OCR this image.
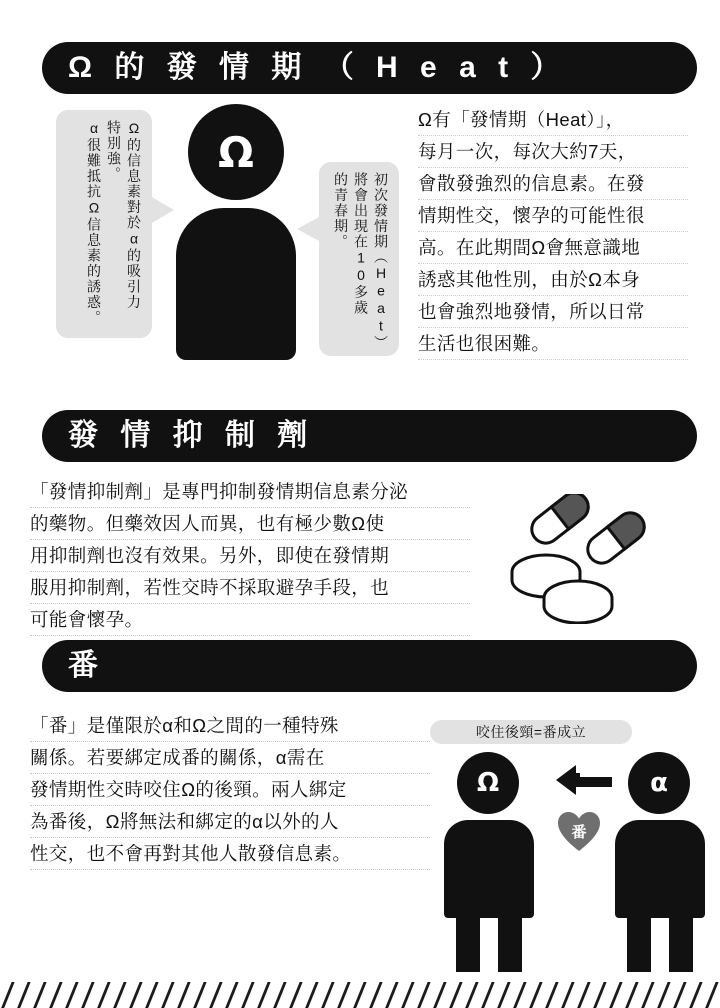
Ω 的 發 情 期 （ H e a t ）
Ω的信息素對於α的吸引力
特別強。
α很難抵抗Ω信息素的誘惑。	Ω
初次發情期（Heat）
將會出現在10多歲
的青春期。
Ω有「發情期（Heat）」，
每月一次，每次大約7天，
會散發強烈的信息素。在發
情期性交，懷孕的可能性很
高。在此期間Ω會無意識地
誘惑其他性別，由於Ω本身
也會強烈地發情，所以日常
生活也很困難。
發 情 抑 制 劑
「發情抑制劑」是專門抑制發情期信息素分泌
的藥物。但藥效因人而異，也有極少數Ω使
用抑制劑也沒有效果。另外，即使在發情期
服用抑制劑，若性交時不採取避孕手段，也
可能會懷孕。
番
「番」是僅限於α和Ω之間的一種特殊
關係。若要綁定成番的關係，α需在
發情期性交時咬住Ω的後頸。兩人綁定
為番後，Ω將無法和綁定的α以外的人
性交，也不會再對其他人散發信息素。
咬住後頸=番成立
Ω
番
α
